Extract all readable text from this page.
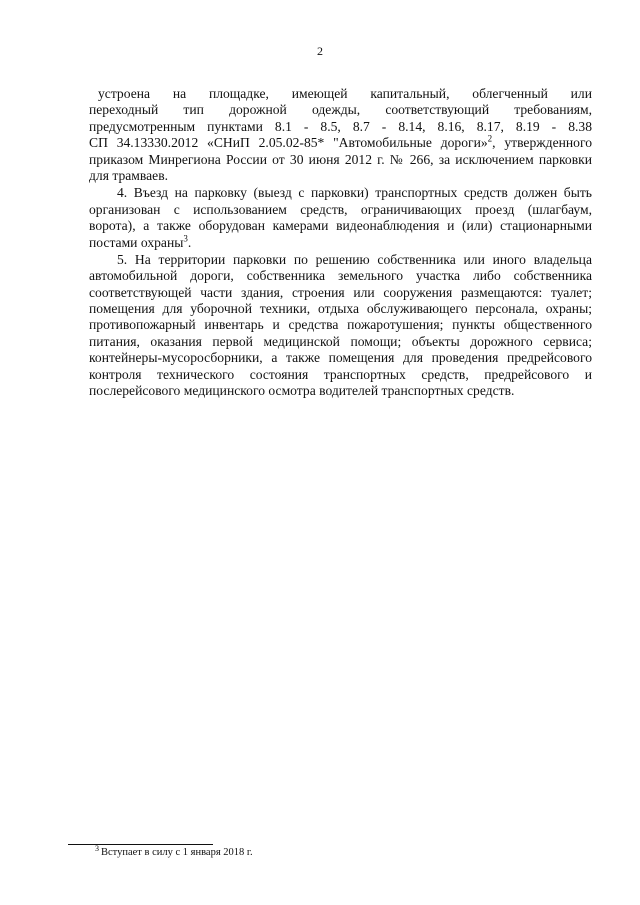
2
устроена на площадке, имеющей капитальный, облегченный или
переходный тип дорожной одежды, соответствующий требованиям,
предусмотренным пунктами 8.1 - 8.5, 8.7 - 8.14, 8.16, 8.17, 8.19 - 8.38
СП 34.13330.2012 «СНиП 2.05.02-85* "Автомобильные дороги»$^2$, утвержденного
приказом Минрегиона России от 30 июня 2012 г. № 266, за исключением парковки
для трамваев.
4. Въезд на парковку (выезд с парковки) транспортных средств должен быть
организован с использованием средств, ограничивающих проезд (шлагбаум,
ворота), а также оборудован камерами видеонаблюдения и (или) стационарными
постами охраны$^3$.
5. На территории парковки по решению собственника или иного владельца
автомобильной дороги, собственника земельного участка либо собственника
соответствующей части здания, строения или сооружения размещаются: туалет;
помещения для уборочной техники, отдыха обслуживающего персонала, охраны;
противопожарный инвентарь и средства пожаротушения; пункты общественного
питания, оказания первой медицинской помощи; объекты дорожного сервиса;
контейнеры-мусоросборники, а также помещения для проведения предрейсового
контроля технического состояния транспортных средств, предрейсового и
послерейсового медицинского осмотра водителей транспортных средств.
$^3$ Вступает в силу с 1 января 2018 г.
